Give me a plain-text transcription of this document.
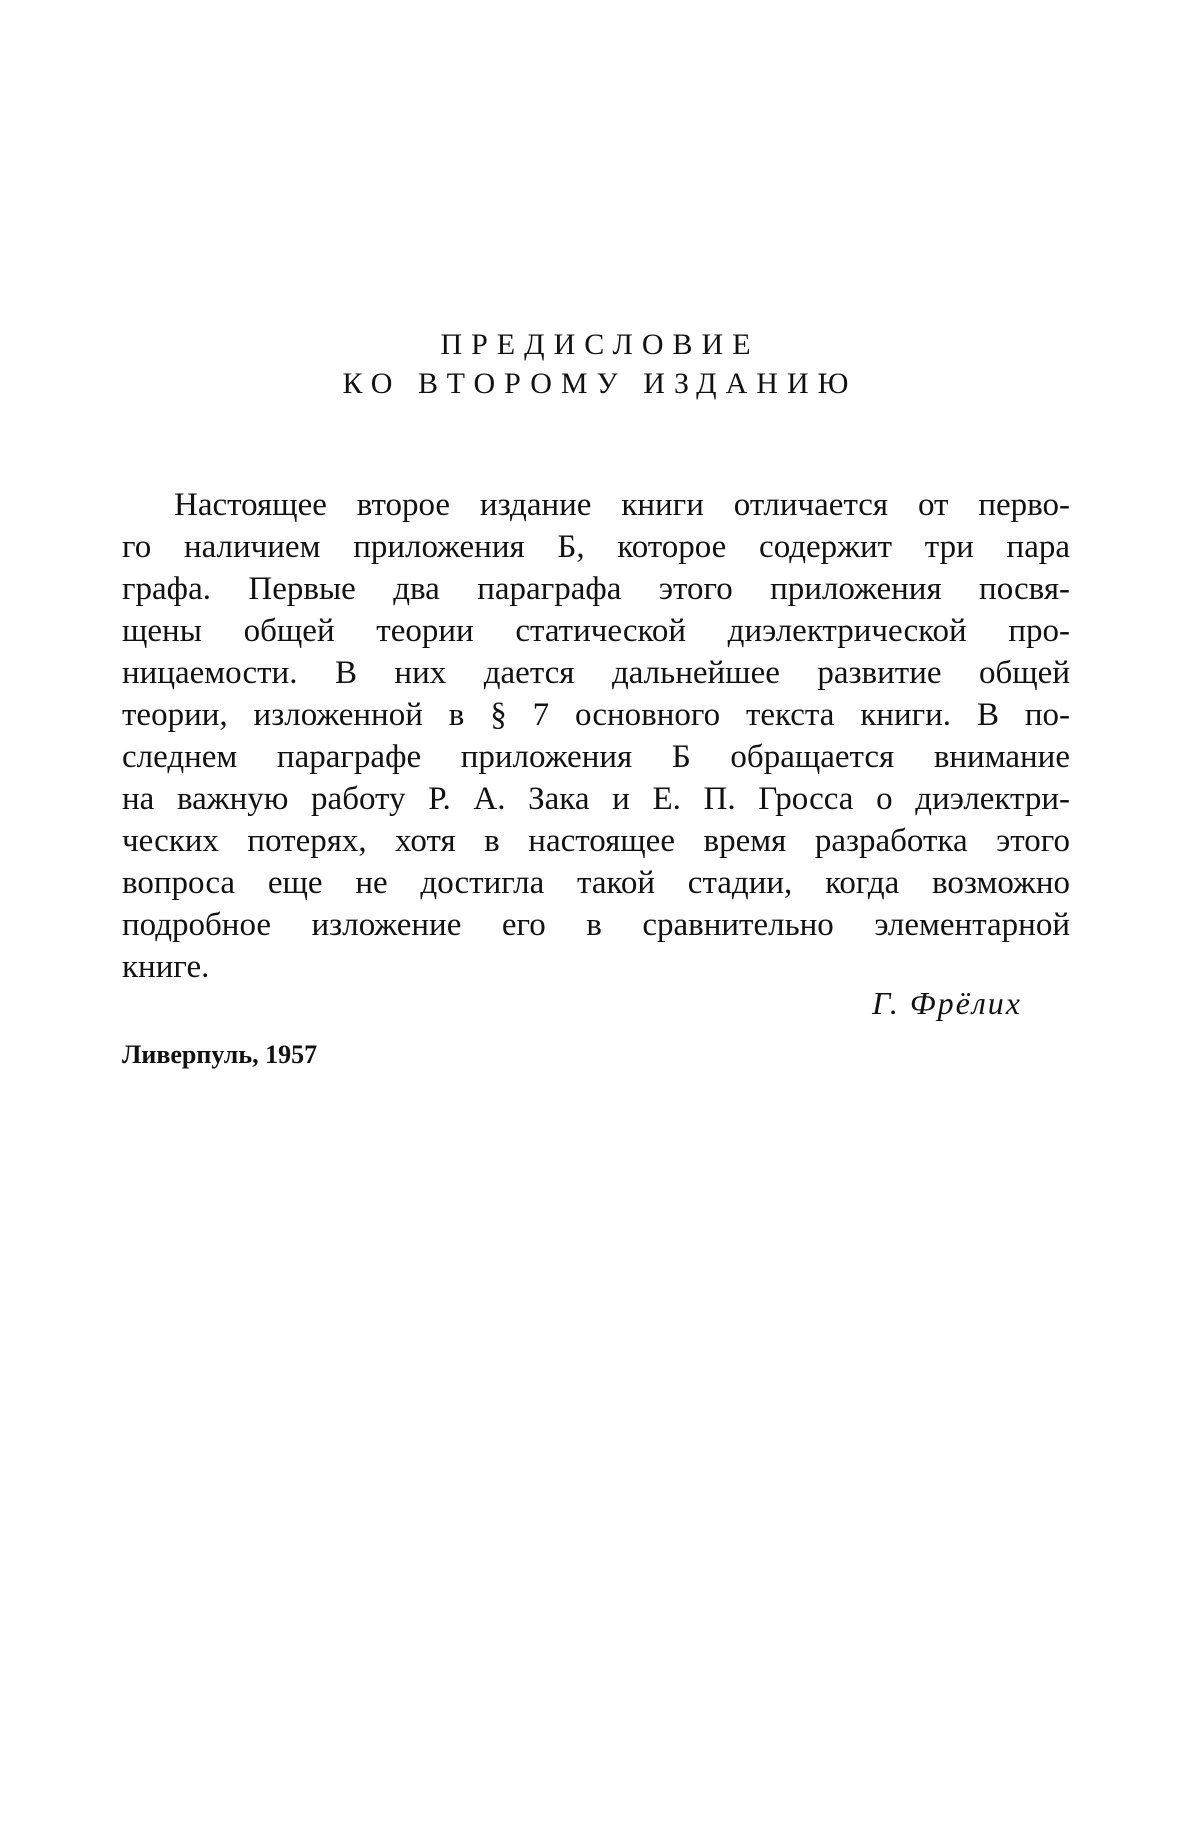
ПРЕДИСЛОВИЕ
КО ВТОРОМУ ИЗДАНИЮ

Настоящее второе издание книги отличается от перво-
го наличием приложения Б, которое содержит три пара
графа. Первые два параграфа этого приложения посвя-
щены общей теории статической диэлектрической про-
ницаемости. В них дается дальнейшее развитие общей
теории, изложенной в § 7 основного текста книги. В по-
следнем параграфе приложения Б обращается внимание
на важную работу Р. А. Зака и Е. П. Гросса о диэлектри-
ческих потерях, хотя в настоящее время разработка этого
вопроса еще не достигла такой стадии, когда возможно
подробное изложение его в сравнительно элементарной
книге.

Г. Фрёлих
Ливерпуль, 1957
